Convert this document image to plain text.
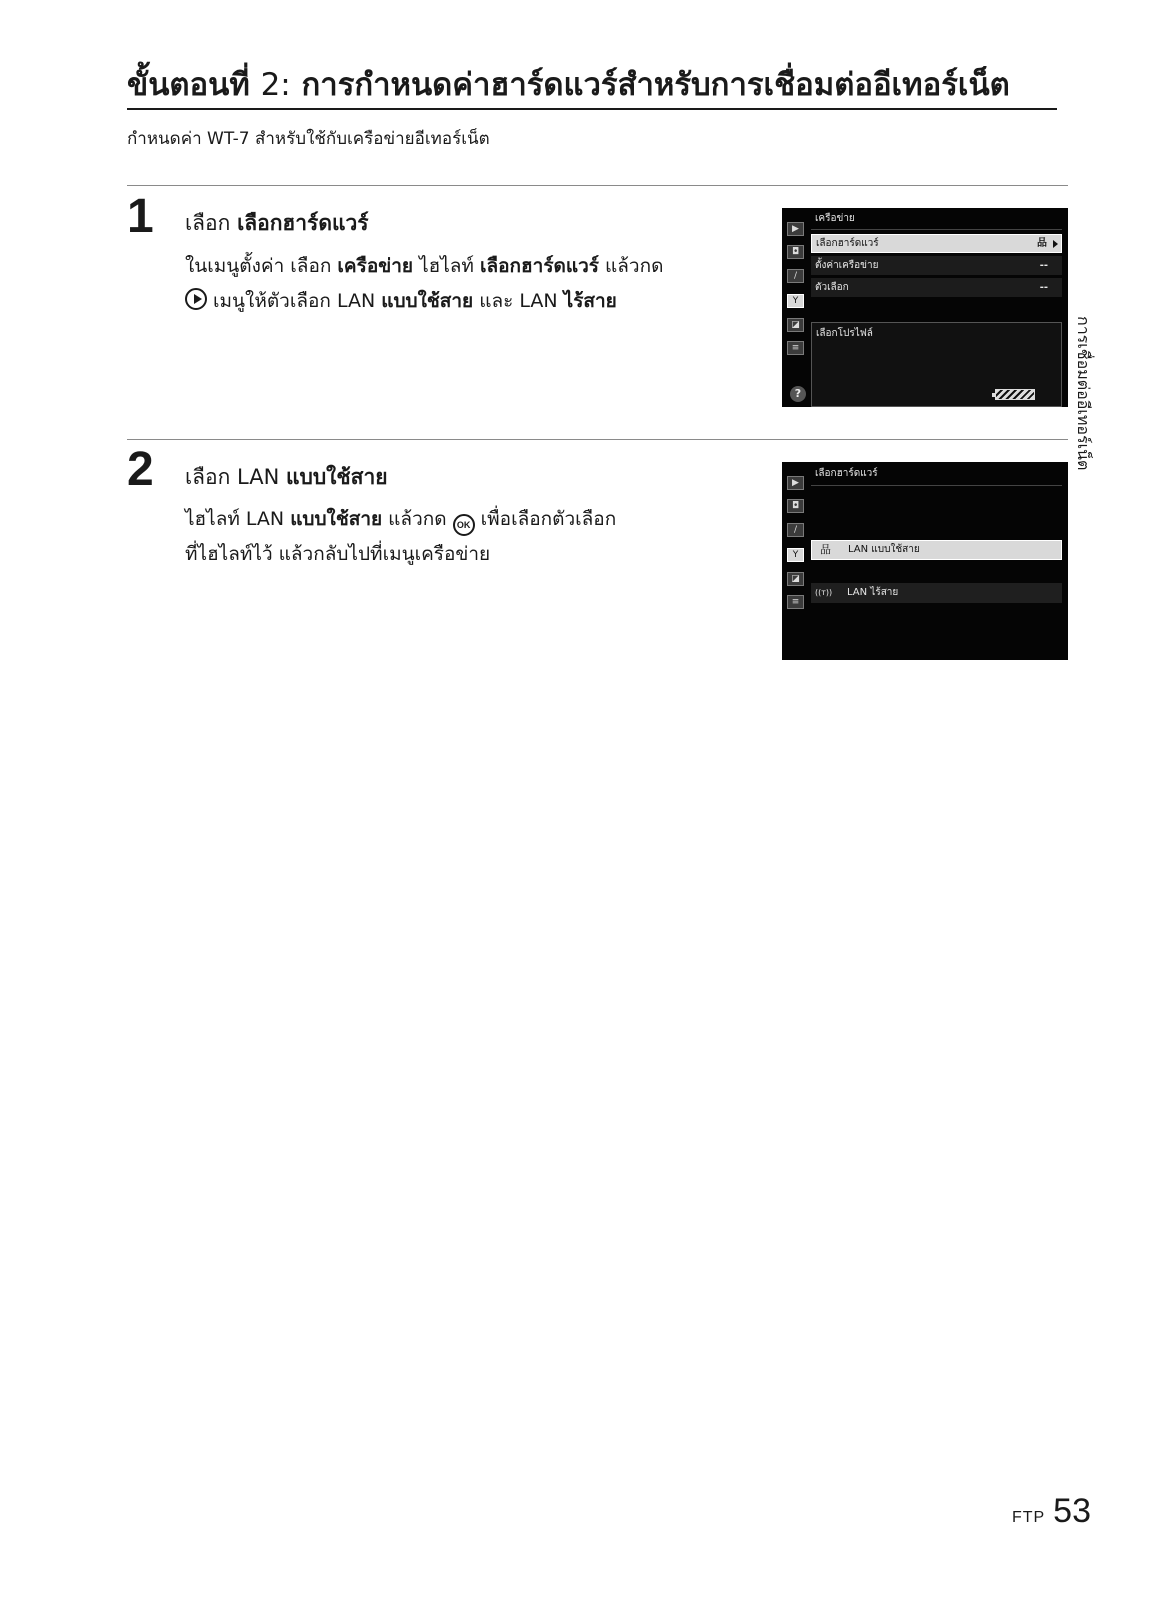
ขั้นตอนที่ 2: การกำหนดค่าฮาร์ดแวร์สำหรับการเชื่อมต่ออีเทอร์เน็ต
กำหนดค่า WT-7 สำหรับใช้กับเครือข่ายอีเทอร์เน็ต
1 เลือก เลือกฮาร์ดแวร์
ในเมนูตั้งค่า เลือก เครือข่าย ไฮไลท์ เลือกฮาร์ดแวร์ แล้วกด
เมนูให้ตัวเลือก LAN แบบใช้สาย และ LAN ไร้สาย
▶
◘
/
Y
◪
≡
?
เครือข่าย
เลือกฮาร์ดแวร์	品
ตั้งค่าเครือข่าย	--
ตัวเลือก	--
เลือกโปรไฟล์
2 เลือก LAN แบบใช้สาย
ไฮไลท์ LAN แบบใช้สาย แล้วกด OK เพื่อเลือกตัวเลือก
ที่ไฮไลท์ไว้ แล้วกลับไปที่เมนูเครือข่าย
▶
◘
/
Y
◪
≡
เลือกฮาร์ดแวร์
品 LAN แบบใช้สาย
((ᴛ)) LAN ไร้สาย
การเชื่อมต่ออีเทอร์เน็ต
FTP 53
